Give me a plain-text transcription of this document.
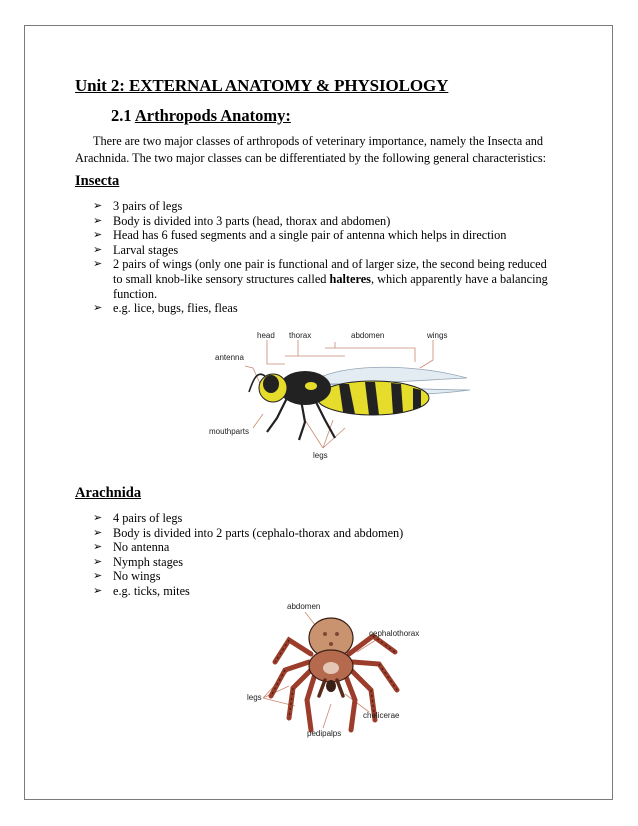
Unit 2: EXTERNAL ANATOMY & PHYSIOLOGY
2.1 Arthropods Anatomy:
There are two major classes of arthropods of veterinary importance, namely the Insecta and
Arachnida. The two major classes can be differentiated by the following general characteristics:
Insecta
➢ 3 pairs of legs
➢ Body is divided into 3 parts (head, thorax and abdomen)
➢ Head has 6 fused segments and a single pair of antenna which helps in direction
➢ Larval stages
➢ 2 pairs of wings (only one pair is functional and of larger size, the second being reduced
to small knob-like sensory structures called halteres, which apparently have a balancing
function.
➢ e.g. lice, bugs, flies, fleas
Arachnida
➢ 4 pairs of legs
➢ Body is divided into 2 parts (cephalo-thorax and abdomen)
➢ No antenna
➢ Nymph stages
➢ No wings
➢ e.g. ticks, mites
head thorax	abdomen	wings
antenna
mouthparts
legs
abdomen
cephalothorax
legs
chelicerae
pedipalps
